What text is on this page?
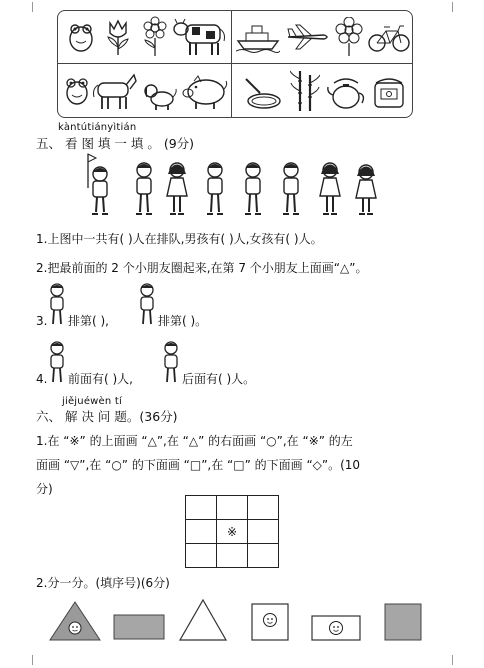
kàntútiányìtián
五、 看 图 填 一 填 。 (9分)
1.上图中一共有( )人在排队,男孩有( )人,女孩有( )人。
2.把最前面的 2 个小朋友圈起来,在第 7 个小朋友上面画“△”。
3. 排第( ),	排第( )。
4. 前面有( )人,	后面有( )人。
jiějuéwèn tí
六、 解 决 问 题。(36分)
1.在 “※” 的上面画 “△”,在 “△” 的右面画 “○”,在 “※” 的左
面画 “▽”,在 “○” 的下面画 “□”,在 “□” 的下面画 “◇”。(10
分)

	※	

2.分一分。(填序号)(6分)
